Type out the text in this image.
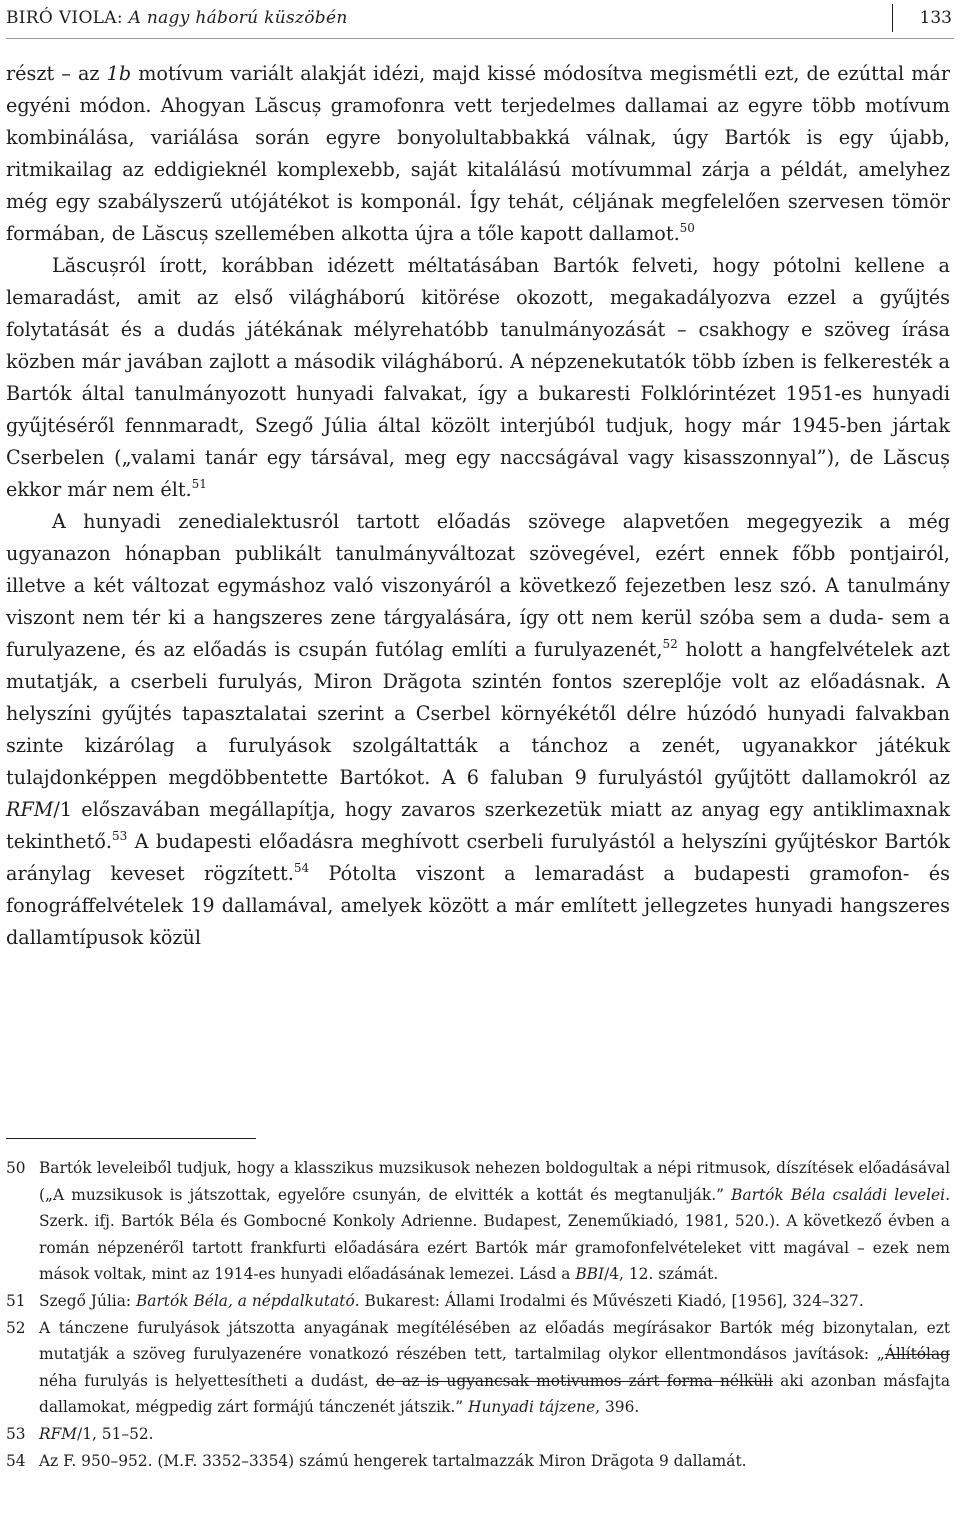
BIRÓ VIOLA: A nagy háború küszöbén	133

részt – az 1b motívum variált alakját idézi, majd kissé módosítva megismétli ezt, de ezúttal már egyéni módon. Ahogyan Lăscuș gramofonra vett terjedelmes dallamai az egyre több motívum kombinálása, variálása során egyre bonyolultabbakká válnak, úgy Bartók is egy újabb, ritmikailag az eddigieknél komplexebb, saját kitalálású motívummal zárja a példát, amelyhez még egy szabályszerű utójátékot is komponál. Így tehát, céljának megfelelően szervesen tömör formában, de Lăscuș szellemében alkotta újra a tőle kapott dallamot.$^{50}$

Lăscușról írott, korábban idézett méltatásában Bartók felveti, hogy pótolni kellene a lemaradást, amit az első világháború kitörése okozott, megakadályozva ezzel a gyűjtés folytatását és a dudás játékának mélyrehatóbb tanulmányozását – csakhogy e szöveg írása közben már javában zajlott a második világháború. A népzenekutatók több ízben is felkeresték a Bartók által tanulmányozott hunyadi falvakat, így a bukaresti Folklórintézet 1951-es hunyadi gyűjtéséről fennmaradt, Szegő Júlia által közölt interjúból tudjuk, hogy már 1945-ben jártak Cserbelen („valami tanár egy társával, meg egy naccságával vagy kisasszonnyal”), de Lăscuș ekkor már nem élt.$^{51}$

A hunyadi zenedialektusról tartott előadás szövege alapvetően megegyezik a még ugyanazon hónapban publikált tanulmányváltozat szövegével, ezért ennek főbb pontjairól, illetve a két változat egymáshoz való viszonyáról a következő fejezetben lesz szó. A tanulmány viszont nem tér ki a hangszeres zene tárgyalására, így ott nem kerül szóba sem a duda- sem a furulyazene, és az előadás is csupán futólag említi a furulyazenét,$^{52}$ holott a hangfelvételek azt mutatják, a cserbeli furulyás, Miron Drăgota szintén fontos szereplője volt az előadásnak. A helyszíni gyűjtés tapasztalatai szerint a Cserbel környékétől délre húzódó hunyadi falvakban szinte kizárólag a furulyások szolgáltatták a tánchoz a zenét, ugyanakkor játékuk tulajdonképpen megdöbbentette Bartókot. A 6 faluban 9 furulyástól gyűjtött dallamokról az RFM/1 előszavában megállapítja, hogy zavaros szerkezetük miatt az anyag egy antiklimaxnak tekinthető.$^{53}$ A budapesti előadásra meghívott cserbeli furulyástól a helyszíni gyűjtéskor Bartók aránylag keveset rögzített.$^{54}$ Pótolta viszont a lemaradást a budapesti gramofon- és fonográffelvételek 19 dallamával, amelyek között a már említett jellegzetes hunyadi hangszeres dallamtípusok közül

50 Bartók leveleiből tudjuk, hogy a klasszikus muzsikusok nehezen boldogultak a népi ritmusok, díszítések előadásával („A muzsikusok is játszottak, egyelőre csunyán, de elvitték a kottát és megtanulják.” Bartók Béla családi levelei. Szerk. ifj. Bartók Béla és Gombocné Konkoly Adrienne. Budapest, Zeneműkiadó, 1981, 520.). A következő évben a román népzenéről tartott frankfurti előadására ezért Bartók már gramofonfelvételeket vitt magával – ezek nem mások voltak, mint az 1914-es hunyadi előadásának lemezei. Lásd a BBI/4, 12. számát.
51 Szegő Júlia: Bartók Béla, a népdalkutató. Bukarest: Állami Irodalmi és Művészeti Kiadó, [1956], 324–327.
52 A tánczene furulyások játszotta anyagának megítélésében az előadás megírásakor Bartók még bizonytalan, ezt mutatják a szöveg furulyazenére vonatkozó részében tett, tartalmilag olykor ellentmondásos javítások: „Állítólag néha furulyás is helyettesítheti a dudást, de az is ugyancsak motivumos zárt forma nélküli aki azonban másfajta dallamokat, mégpedig zárt formájú tánczenét játszik.” Hunyadi tájzene, 396.
53 RFM/1, 51–52.
54 Az F. 950–952. (M.F. 3352–3354) számú hengerek tartalmazzák Miron Drăgota 9 dallamát.
